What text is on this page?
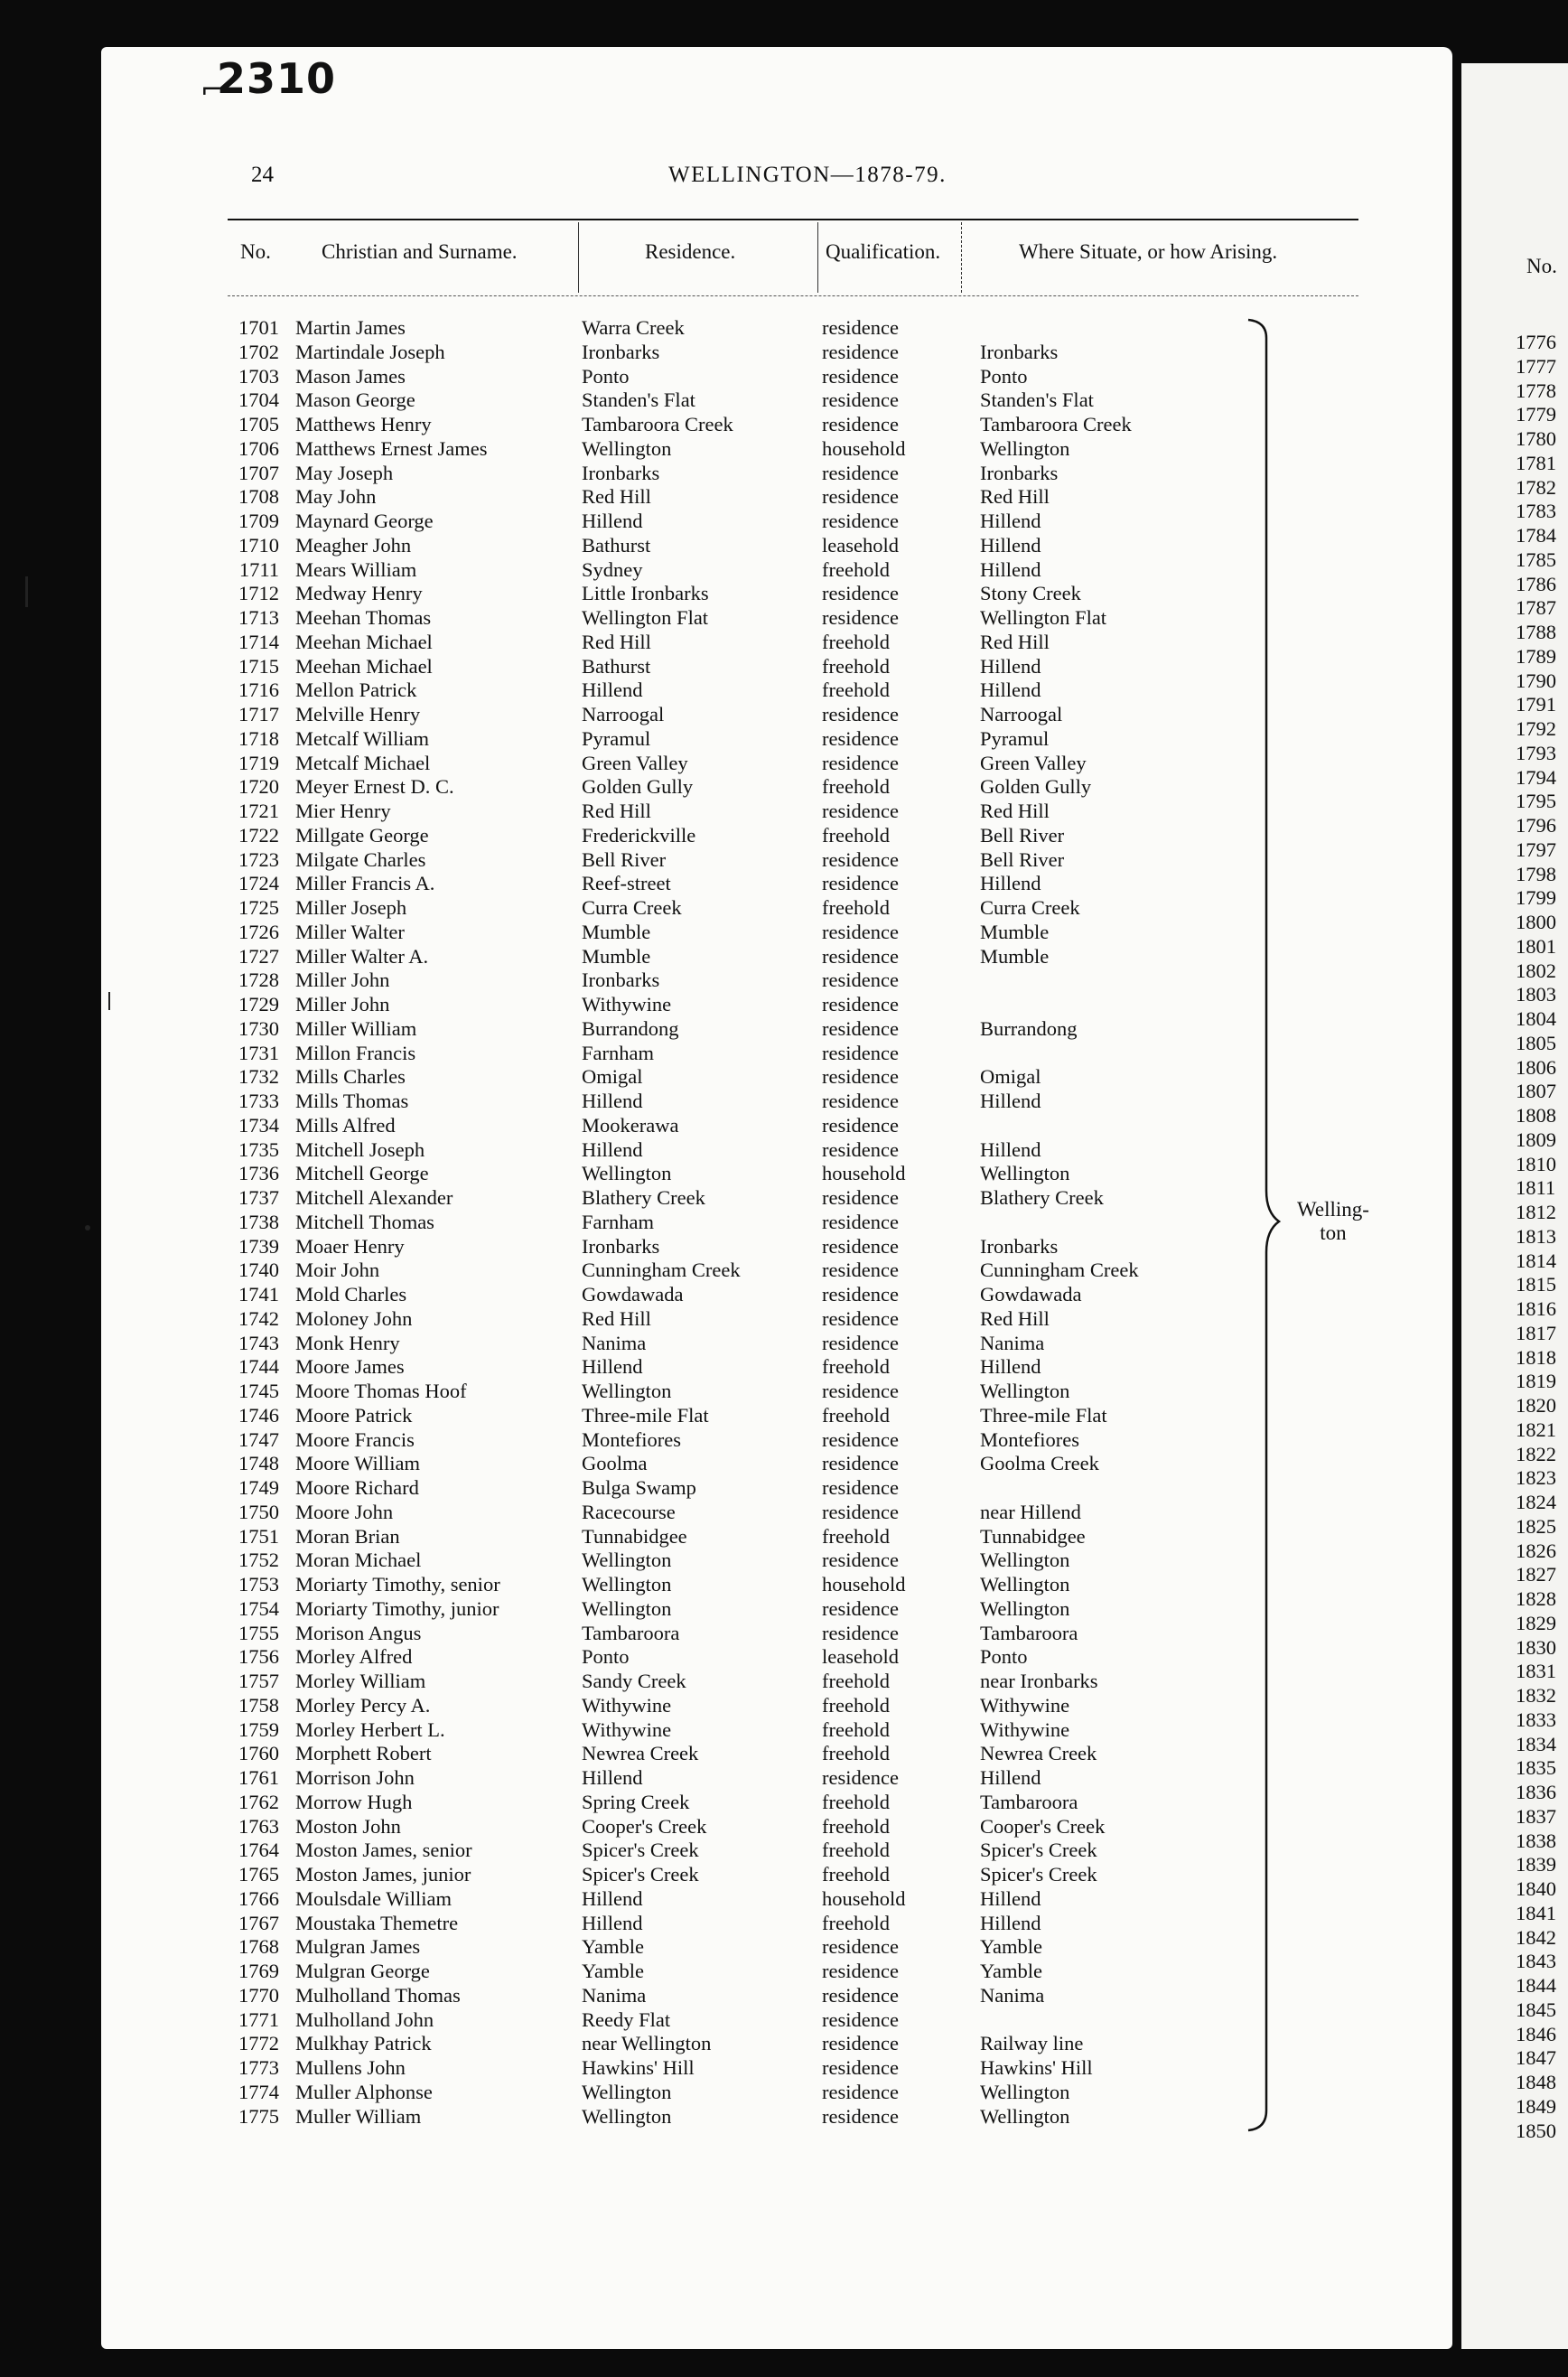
⌐
2310
24	WELLINGTON—1878-79.
No. Christian and Surname.	Residence.	Qualification.	Where Situate, or how Arising.
1701 Martin James	Warra Creek	residence
1702 Martindale Joseph	Ironbarks	residence	Ironbarks
1703 Mason James	Ponto	residence	Ponto
1704 Mason George	Standen's Flat	residence	Standen's Flat
1705 Matthews Henry	Tambaroora Creek	residence	Tambaroora Creek
1706 Matthews Ernest James	Wellington	household	Wellington
1707 May Joseph	Ironbarks	residence	Ironbarks
1708 May John	Red Hill	residence	Red Hill
1709 Maynard George	Hillend	residence	Hillend
1710 Meagher John	Bathurst	leasehold	Hillend
1711 Mears William	Sydney	freehold	Hillend
1712 Medway Henry	Little Ironbarks	residence	Stony Creek
1713 Meehan Thomas	Wellington Flat	residence	Wellington Flat
1714 Meehan Michael	Red Hill	freehold	Red Hill
1715 Meehan Michael	Bathurst	freehold	Hillend
1716 Mellon Patrick	Hillend	freehold	Hillend
1717 Melville Henry	Narroogal	residence	Narroogal
1718 Metcalf William	Pyramul	residence	Pyramul
1719 Metcalf Michael	Green Valley	residence	Green Valley
1720 Meyer Ernest D. C.	Golden Gully	freehold	Golden Gully
1721 Mier Henry	Red Hill	residence	Red Hill
1722 Millgate George	Frederickville	freehold	Bell River
1723 Milgate Charles	Bell River	residence	Bell River
1724 Miller Francis A.	Reef-street	residence	Hillend
1725 Miller Joseph	Curra Creek	freehold	Curra Creek
1726 Miller Walter	Mumble	residence	Mumble
1727 Miller Walter A.	Mumble	residence	Mumble
1728 Miller John	Ironbarks	residence
1729 Miller John	Withywine	residence
1730 Miller William	Burrandong	residence	Burrandong
1731 Millon Francis	Farnham	residence
1732 Mills Charles	Omigal	residence	Omigal
1733 Mills Thomas	Hillend	residence	Hillend
1734 Mills Alfred	Mookerawa	residence
1735 Mitchell Joseph	Hillend	residence	Hillend
1736 Mitchell George	Wellington	household	Wellington
1737 Mitchell Alexander	Blathery Creek	residence	Blathery Creek
1738 Mitchell Thomas	Farnham	residence
1739 Moaer Henry	Ironbarks	residence	Ironbarks
1740 Moir John	Cunningham Creek	residence	Cunningham Creek
1741 Mold Charles	Gowdawada	residence	Gowdawada
1742 Moloney John	Red Hill	residence	Red Hill
1743 Monk Henry	Nanima	residence	Nanima
1744 Moore James	Hillend	freehold	Hillend
1745 Moore Thomas Hoof	Wellington	residence	Wellington
1746 Moore Patrick	Three-mile Flat	freehold	Three-mile Flat
1747 Moore Francis	Montefiores	residence	Montefiores
1748 Moore William	Goolma	residence	Goolma Creek
1749 Moore Richard	Bulga Swamp	residence
1750 Moore John	Racecourse	residence	near Hillend
1751 Moran Brian	Tunnabidgee	freehold	Tunnabidgee
1752 Moran Michael	Wellington	residence	Wellington
1753 Moriarty Timothy, senior	Wellington	household	Wellington
1754 Moriarty Timothy, junior	Wellington	residence	Wellington
1755 Morison Angus	Tambaroora	residence	Tambaroora
1756 Morley Alfred	Ponto	leasehold	Ponto
1757 Morley William	Sandy Creek	freehold	near Ironbarks
1758 Morley Percy A.	Withywine	freehold	Withywine
1759 Morley Herbert L.	Withywine	freehold	Withywine
1760 Morphett Robert	Newrea Creek	freehold	Newrea Creek
1761 Morrison John	Hillend	residence	Hillend
1762 Morrow Hugh	Spring Creek	freehold	Tambaroora
1763 Moston John	Cooper's Creek	freehold	Cooper's Creek
1764 Moston James, senior	Spicer's Creek	freehold	Spicer's Creek
1765 Moston James, junior	Spicer's Creek	freehold	Spicer's Creek
1766 Moulsdale William	Hillend	household	Hillend
1767 Moustaka Themetre	Hillend	freehold	Hillend
1768 Mulgran James	Yamble	residence	Yamble
1769 Mulgran George	Yamble	residence	Yamble
1770 Mulholland Thomas	Nanima	residence	Nanima
1771 Mulholland John	Reedy Flat	residence
1772 Mulkhay Patrick	near Wellington	residence	Railway line
1773 Mullens John	Hawkins' Hill	residence	Hawkins' Hill
1774 Muller Alphonse	Wellington	residence	Wellington
1775 Muller William	Wellington	residence	Wellington
Welling-
ton
No.
1776
1777
1778
1779
1780
1781
1782
1783
1784
1785
1786
1787
1788
1789
1790
1791
1792
1793
1794
1795
1796
1797
1798
1799
1800
1801
1802
1803
1804
1805
1806
1807
1808
1809
1810
1811
1812
1813
1814
1815
1816
1817
1818
1819
1820
1821
1822
1823
1824
1825
1826
1827
1828
1829
1830
1831
1832
1833
1834
1835
1836
1837
1838
1839
1840
1841
1842
1843
1844
1845
1846
1847
1848
1849
1850
